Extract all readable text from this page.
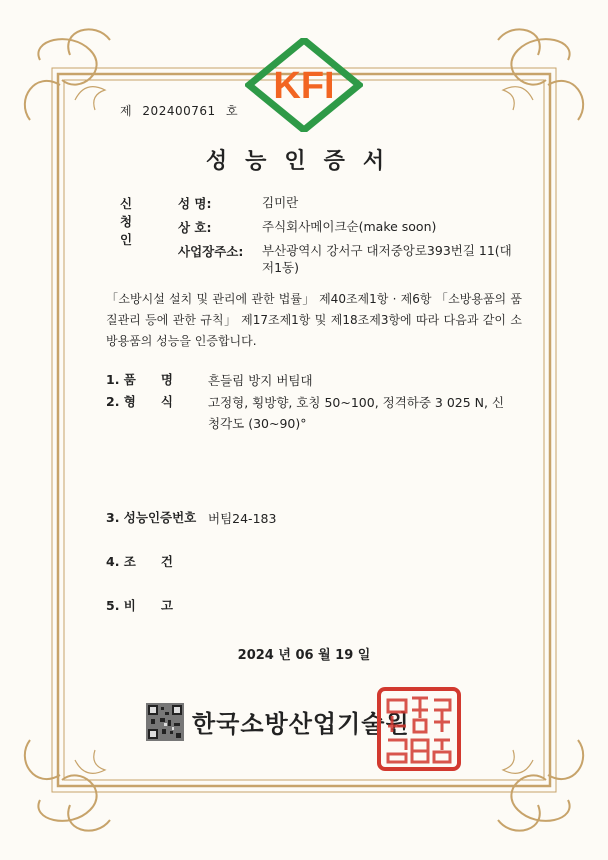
KFI
제 202400761 호
성능인증서
신청인
성 명:	김미란
상 호:	주식회사메이크순(make soon)
사업장주소:	부산광역시 강서구 대저중앙로393번길 11(대저1동)
「소방시설 설치 및 관리에 관한 법률」 제40조제1항 · 제6항 「소방용품의 품질관리 등에 관한 규칙」 제17조제1항 및 제18조제3항에 따라 다음과 같이 소방용품의 성능을 인증합니다.
1. 품　　명	흔들림 방지 버팀대
2. 형　　식	고정형, 횡방향, 호칭 50~100, 정격하중 3 025 N, 신청각도 (30~90)°
3. 성능인증번호 버팀24-183
4. 조　　건
5. 비　　고
2024 년 06 월 19 일
한국소방산업기술원
